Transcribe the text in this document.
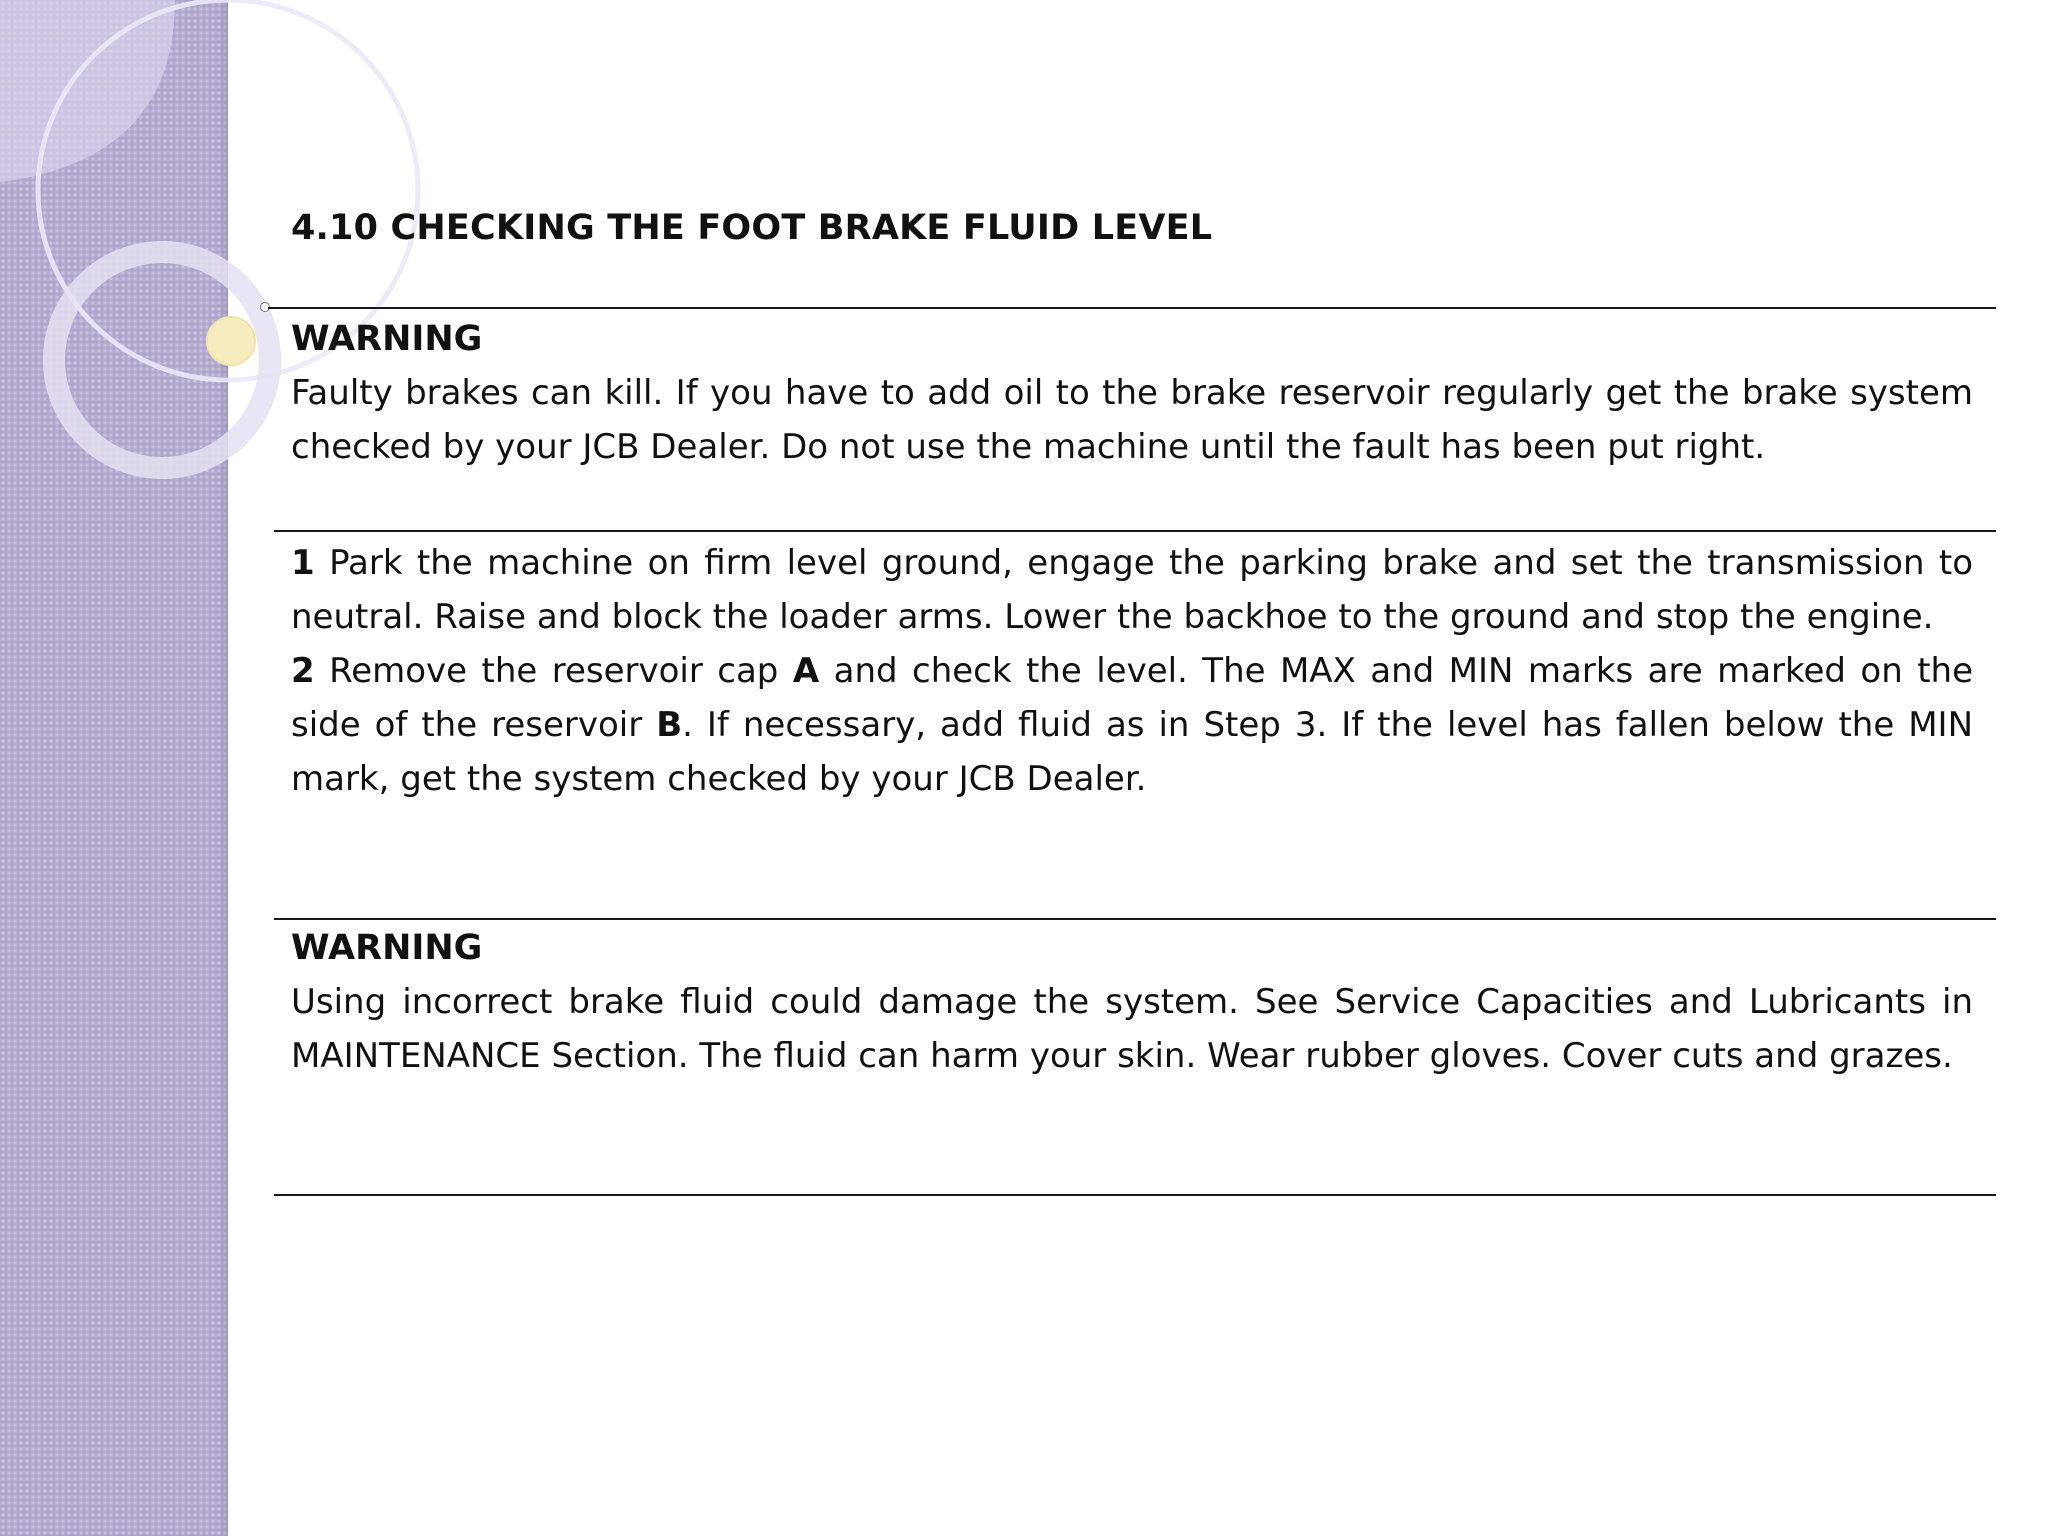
4.10 CHECKING THE FOOT BRAKE FLUID LEVEL
WARNING
Faulty brakes can kill. If you have to add oil to the brake reservoir regularly get the brake system checked by your JCB Dealer. Do not use the machine until the fault has been put right.
1 Park the machine on firm level ground, engage the parking brake and set the transmission to neutral. Raise and block the loader arms. Lower the backhoe to the ground and stop the engine.
2 Remove the reservoir cap A and check the level. The MAX and MIN marks are marked on the side of the reservoir B. If necessary, add fluid as in Step 3. If the level has fallen below the MIN mark, get the system checked by your JCB Dealer.
WARNING
Using incorrect brake fluid could damage the system. See Service Capacities and Lubricants in MAINTENANCE Section. The fluid can harm your skin. Wear rubber gloves. Cover cuts and grazes.
